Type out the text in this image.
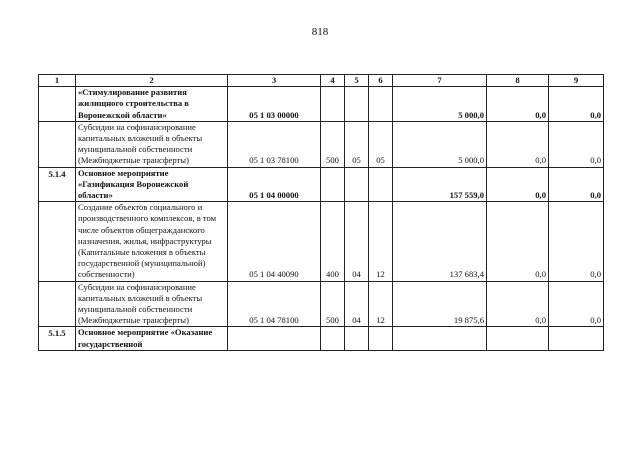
818
1	2	3	4	5	6	7	8	9
	«Стимулирование развития жилищного строительства в Воронежской области»	05 1 03 00000				5 000,0	0,0	0,0
	Субсидии на софинансирование капитальных вложений в объекты муниципальной собственности (Межбюджетные трансферты)	05 1 03 78100	500	05	05	5 000,0	0,0	0,0
5.1.4	Основное мероприятие «Газификация Воронежской области»	05 1 04 00000				157 559,0	0,0	0,0
	Создание объектов социального и производственного комплексов, в том числе объектов общегражданского назначения, жилья, инфраструктуры (Капитальные вложения в объекты государственной (муниципальной) собственности)	05 1 04 40090	400	04	12	137 683,4	0,0	0,0
	Субсидии на софинансирование капитальных вложений в объекты муниципальной собственности (Межбюджетные трансферты)	05 1 04 78100	500	04	12	19 875,6	0,0	0,0
5.1.5	Основное мероприятие «Оказание государственной							
